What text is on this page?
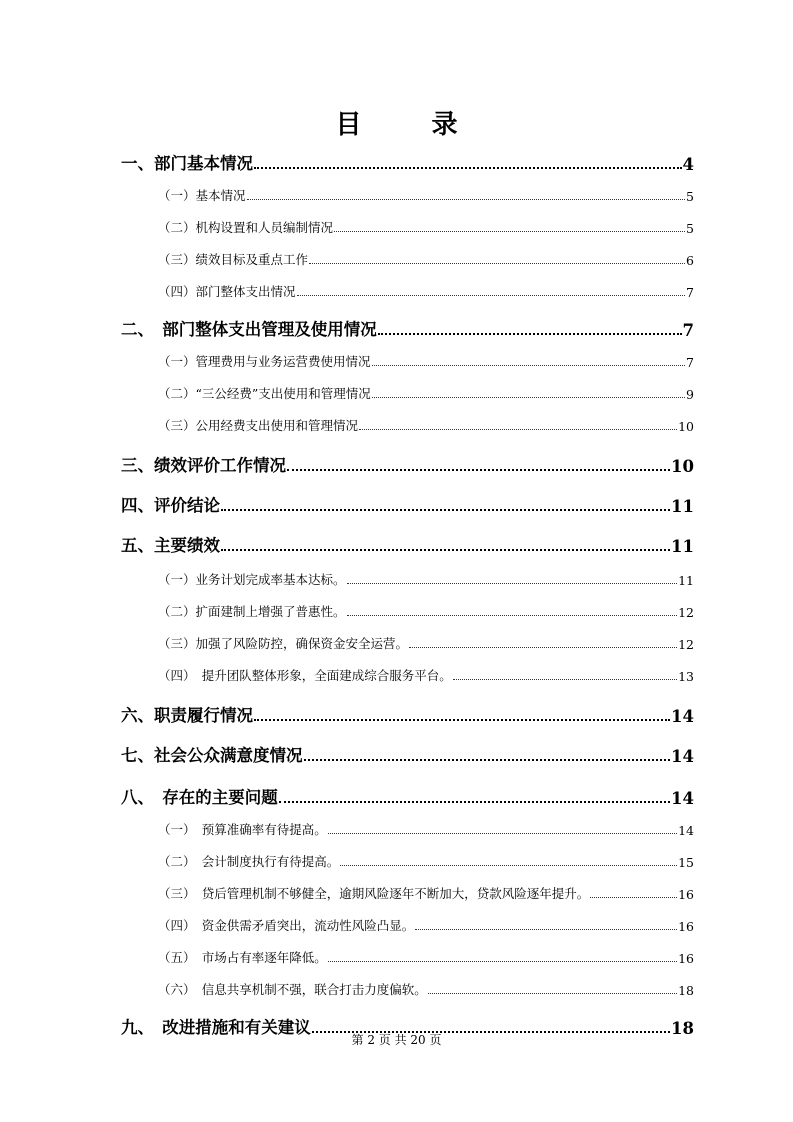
目　录
一、部门基本情况	4
（一）基本情况	5
（二）机构设置和人员编制情况	5
（三）绩效目标及重点工作	6
（四）部门整体支出情况	7
二、　部门整体支出管理及使用情况	7
（一）管理费用与业务运营费使用情况	7
（二）“三公经费”支出使用和管理情况	9
（三）公用经费支出使用和管理情况	10
三、绩效评价工作情况	10
四、评价结论	11
五、主要绩效	11
（一）业务计划完成率基本达标。	11
（二）扩面建制上增强了普惠性。	12
（三）加强了风险防控，确保资金安全运营。	12
（四）　提升团队整体形象，全面建成综合服务平台。	13
六、职责履行情况	14
七、社会公众满意度情况	14
八、　存在的主要问题	14
（一）　预算准确率有待提高。	14
（二）　会计制度执行有待提高。	15
（三）　贷后管理机制不够健全，逾期风险逐年不断加大，贷款风险逐年提升。	16
（四）　资金供需矛盾突出，流动性风险凸显。	16
（五）　市场占有率逐年降低。	16
（六）　信息共享机制不强，联合打击力度偏软。	18
九、　改进措施和有关建议	18
第 2 页 共 20 页
